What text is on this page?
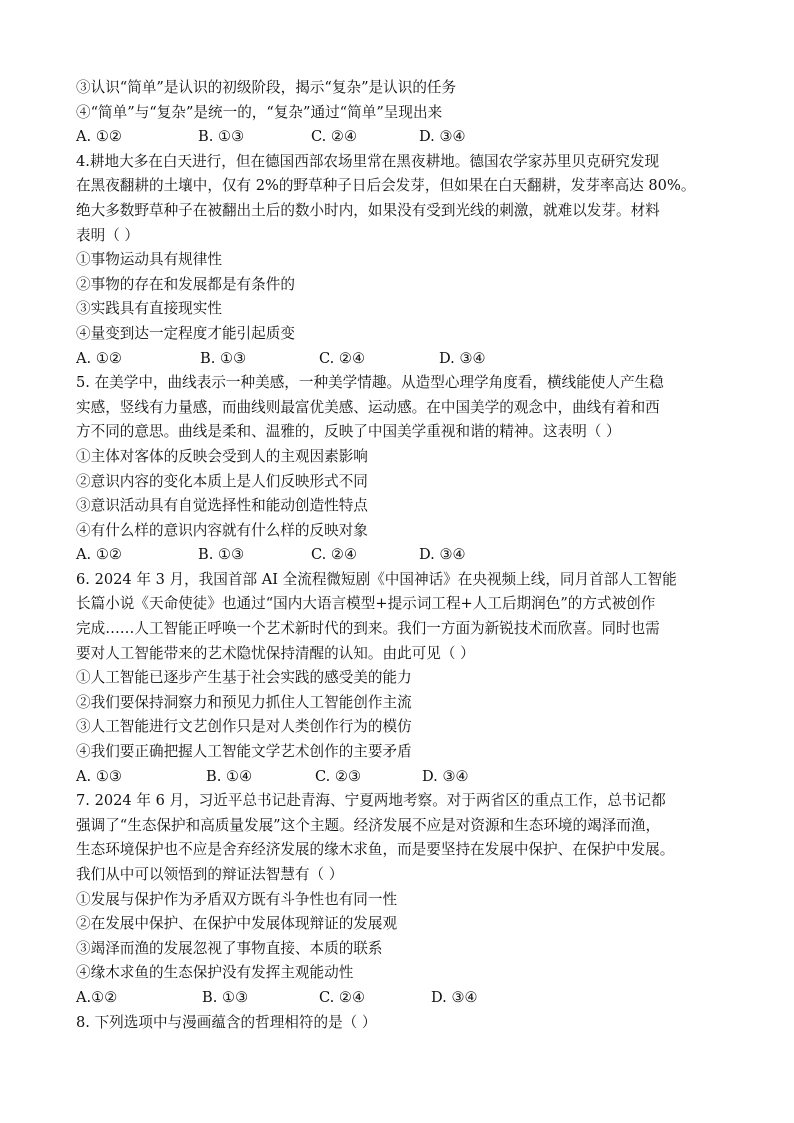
③认识“简单”是认识的初级阶段，揭示“复杂”是认识的任务
④“简单”与“复杂”是统一的，“复杂”通过“简单”呈现出来
A. ①②	B. ①③	C. ②④	D. ③④
4.耕地大多在白天进行，但在德国西部农场里常在黑夜耕地。德国农学家苏里贝克研究发现
在黑夜翻耕的土壤中，仅有 2%的野草种子日后会发芽，但如果在白天翻耕，发芽率高达 80%。
绝大多数野草种子在被翻出土后的数小时内，如果没有受到光线的刺激，就难以发芽。材料
表明（ ）
①事物运动具有规律性
②事物的存在和发展都是有条件的
③实践具有直接现实性
④量变到达一定程度才能引起质变
A. ①②	B. ①③	C. ②④	D. ③④
5. 在美学中，曲线表示一种美感，一种美学情趣。从造型心理学角度看，横线能使人产生稳
实感，竖线有力量感，而曲线则最富优美感、运动感。在中国美学的观念中，曲线有着和西
方不同的意思。曲线是柔和、温雅的，反映了中国美学重视和谐的精神。这表明（ ）
①主体对客体的反映会受到人的主观因素影响
②意识内容的变化本质上是人们反映形式不同
③意识活动具有自觉选择性和能动创造性特点
④有什么样的意识内容就有什么样的反映对象
A. ①②	B. ①③	C. ②④	D. ③④
6. 2024 年 3 月，我国首部 AI 全流程微短剧《中国神话》在央视频上线，同月首部人工智能
长篇小说《天命使徒》也通过“国内大语言模型+提示词工程+人工后期润色”的方式被创作
完成……人工智能正呼唤一个艺术新时代的到来。我们一方面为新锐技术而欣喜。同时也需
要对人工智能带来的艺术隐忧保持清醒的认知。由此可见（ ）
①人工智能已逐步产生基于社会实践的感受美的能力
②我们要保持洞察力和预见力抓住人工智能创作主流
③人工智能进行文艺创作只是对人类创作行为的模仿
④我们要正确把握人工智能文学艺术创作的主要矛盾
A. ①③	B. ①④	C. ②③	D. ③④
7. 2024 年 6 月，习近平总书记赴青海、宁夏两地考察。对于两省区的重点工作，总书记都
强调了“生态保护和高质量发展”这个主题。经济发展不应是对资源和生态环境的竭泽而渔，
生态环境保护也不应是舍弃经济发展的缘木求鱼，而是要坚持在发展中保护、在保护中发展。
我们从中可以领悟到的辩证法智慧有（ ）
①发展与保护作为矛盾双方既有斗争性也有同一性
②在发展中保护、在保护中发展体现辩证的发展观
③竭泽而渔的发展忽视了事物直接、本质的联系
④缘木求鱼的生态保护没有发挥主观能动性
A.①②	B. ①③	C. ②④	D. ③④
8. 下列选项中与漫画蕴含的哲理相符的是（ ）
